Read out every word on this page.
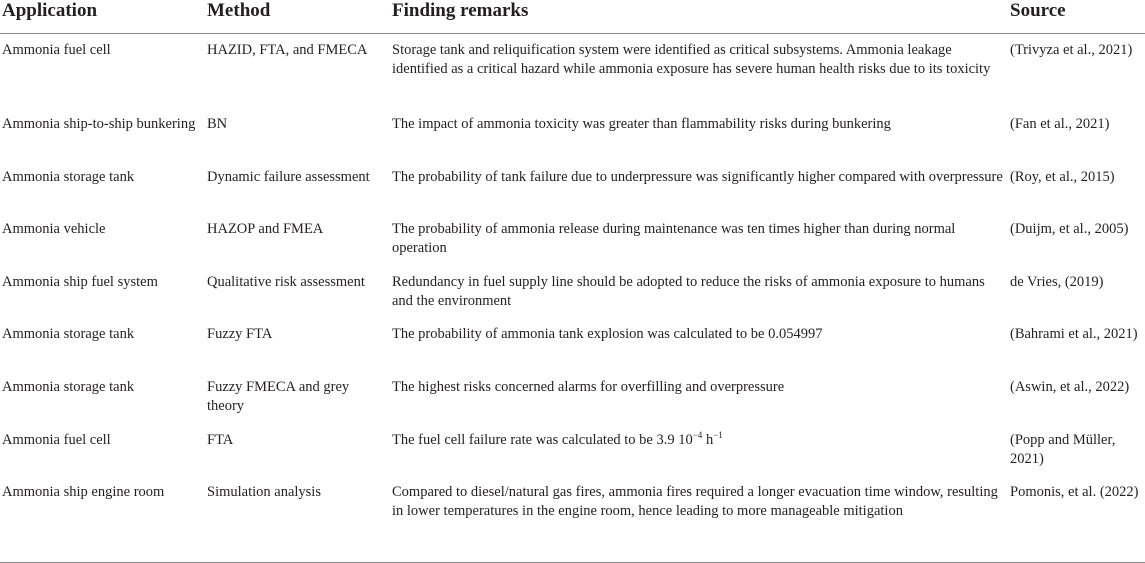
Application	Method	Finding remarks	Source
Ammonia fuel cell	HAZID, FTA, and FMECA	Storage tank and reliquification system were identified as critical subsystems. Ammonia leakage identified as a critical hazard while ammonia exposure has severe human health risks due to its toxicity	(Trivyza et al., 2021)
Ammonia ship-to-ship bunkering	BN	The impact of ammonia toxicity was greater than flammability risks during bunkering	(Fan et al., 2021)
Ammonia storage tank	Dynamic failure assessment	The probability of tank failure due to underpressure was significantly higher compared with overpressure	(Roy, et al., 2015)
Ammonia vehicle	HAZOP and FMEA	The probability of ammonia release during maintenance was ten times higher than during normal operation	(Duijm, et al., 2005)
Ammonia ship fuel system	Qualitative risk assessment	Redundancy in fuel supply line should be adopted to reduce the risks of ammonia exposure to humans and the environment	de Vries, (2019)
Ammonia storage tank	Fuzzy FTA	The probability of ammonia tank explosion was calculated to be 0.054997	(Bahrami et al., 2021)
Ammonia storage tank	Fuzzy FMECA and grey theory	The highest risks concerned alarms for overfilling and overpressure	(Aswin, et al., 2022)
Ammonia fuel cell	FTA	The fuel cell failure rate was calculated to be 3.9 $10^{-4}$ $h^{-1}$	(Popp and Müller, 2021)
Ammonia ship engine room	Simulation analysis	Compared to diesel/natural gas fires, ammonia fires required a longer evacuation time window, resulting in lower temperatures in the engine room, hence leading to more manageable mitigation	Pomonis, et al. (2022)
